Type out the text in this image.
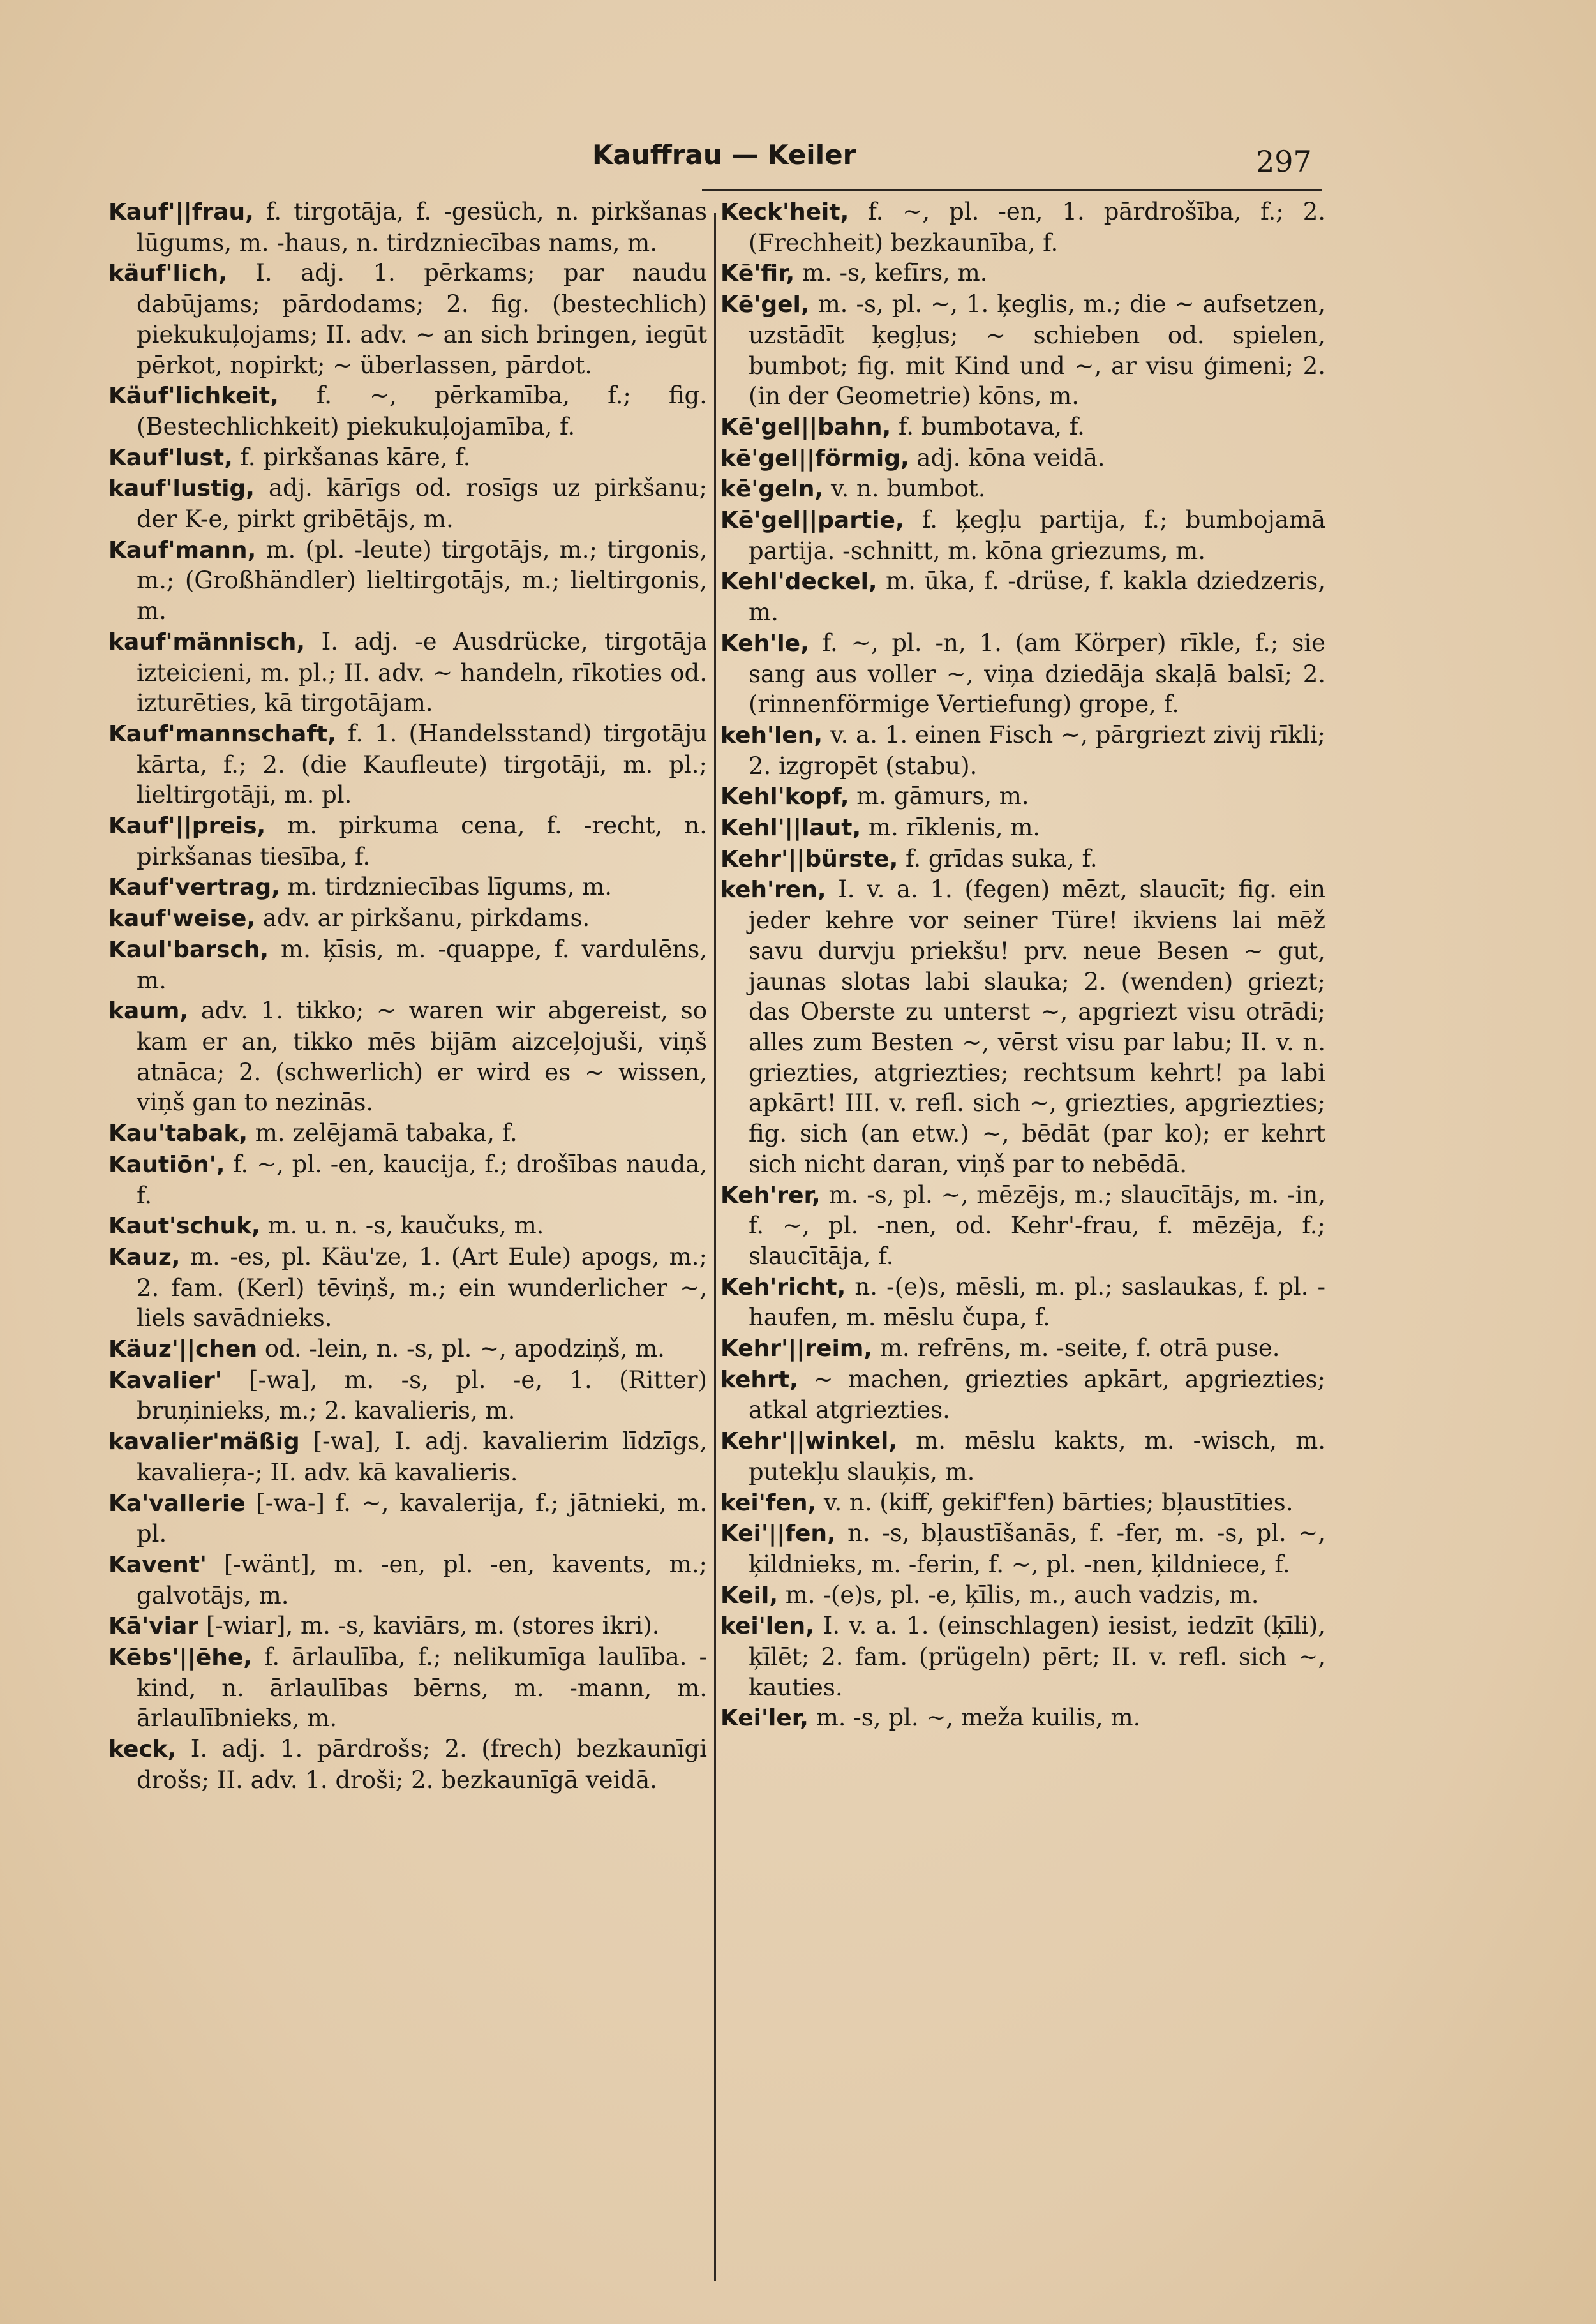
Kauffrau — Keiler	297

Kauf'||frau, f. tirgotāja, f. -gesüch, n. pirkšanas lūgums, m. -haus, n. tirdzniecības nams, m.

käuf'lich, I. adj. 1. pērkams; par naudu dabūjams; pārdodams; 2. fig. (bestechlich) piekukuļojams; II. adv. ~ an sich bringen, iegūt pērkot, nopirkt; ~ überlassen, pārdot.

Käuf'lichkeit, f. ~, pērkamība, f.; fig. (Bestechlichkeit) piekukuļojamība, f.

Kauf'lust, f. pirkšanas kāre, f.

kauf'lustig, adj. kārīgs od. rosīgs uz pirkšanu; der K-e, pirkt gribētājs, m.

Kauf'mann, m. (pl. -leute) tirgotājs, m.; tirgonis, m.; (Großhändler) lieltirgotājs, m.; lieltirgonis, m.

kauf'männisch, I. adj. -e Ausdrücke, tirgotāja izteicieni, m. pl.; II. adv. ~ handeln, rīkoties od. izturēties, kā tirgotājam.

Kauf'mannschaft, f. 1. (Handelsstand) tirgotāju kārta, f.; 2. (die Kaufleute) tirgotāji, m. pl.; lieltirgotāji, m. pl.

Kauf'||preis, m. pirkuma cena, f. -recht, n. pirkšanas tiesība, f.

Kauf'vertrag, m. tirdzniecības līgums, m.

kauf'weise, adv. ar pirkšanu, pirkdams.

Kaul'barsch, m. ķīsis, m. -quappe, f. vardulēns, m.

kaum, adv. 1. tikko; ~ waren wir abgereist, so kam er an, tikko mēs bijām aizceļojuši, viņš atnāca; 2. (schwerlich) er wird es ~ wissen, viņš gan to nezinās.

Kau'tabak, m. zelējamā tabaka, f.

Kautiōn', f. ~, pl. -en, kaucija, f.; drošības nauda, f.

Kaut'schuk, m. u. n. -s, kaučuks, m.

Kauz, m. -es, pl. Käu'ze, 1. (Art Eule) apogs, m.; 2. fam. (Kerl) tēviņš, m.; ein wunderlicher ~, liels savādnieks.

Käuz'||chen od. -lein, n. -s, pl. ~, apodziņš, m.

Kavalier' [-wa], m. -s, pl. -e, 1. (Ritter) bruņinieks, m.; 2. kavalieris, m.

kavalier'mäßig [-wa], I. adj. kavalierim līdzīgs, kavalieŗa-; II. adv. kā kavalieris.

Ka'vallerie [-wa-] f. ~, kavalerija, f.; jātnieki, m. pl.

Kavent' [-wänt], m. -en, pl. -en, kavents, m.; galvotājs, m.

Kā'viar [-wiar], m. -s, kaviārs, m. (stores ikri).

Kēbs'||ēhe, f. ārlaulība, f.; nelikumīga laulība. -kind, n. ārlaulības bērns, m. -mann, m. ārlaulībnieks, m.

keck, I. adj. 1. pārdrošs; 2. (frech) bezkaunīgi drošs; II. adv. 1. droši; 2. bezkaunīgā veidā.

Keck'heit, f. ~, pl. -en, 1. pārdrošība, f.; 2. (Frechheit) bezkaunība, f.

Kē'fir, m. -s, kefīrs, m.

Kē'gel, m. -s, pl. ~, 1. ķeglis, m.; die ~ aufsetzen, uzstādīt ķegļus; ~ schieben od. spielen, bumbot; fig. mit Kind und ~, ar visu ģimeni; 2. (in der Geometrie) kōns, m.

Kē'gel||bahn, f. bumbotava, f.

kē'gel||förmig, adj. kōna veidā.

kē'geln, v. n. bumbot.

Kē'gel||partie, f. ķegļu partija, f.; bumbojamā partija. -schnitt, m. kōna griezums, m.

Kehl'deckel, m. ūka, f. -drüse, f. kakla dziedzeris, m.

Keh'le, f. ~, pl. -n, 1. (am Körper) rīkle, f.; sie sang aus voller ~, viņa dziedāja skaļā balsī; 2. (rinnenförmige Vertiefung) grope, f.

keh'len, v. a. 1. einen Fisch ~, pārgriezt zivij rīkli; 2. izgropēt (stabu).

Kehl'kopf, m. gāmurs, m.

Kehl'||laut, m. rīklenis, m.

Kehr'||bürste, f. grīdas suka, f.

keh'ren, I. v. a. 1. (fegen) mēzt, slaucīt; fig. ein jeder kehre vor seiner Türe! ikviens lai mēž savu durvju priekšu! prv. neue Besen ~ gut, jaunas slotas labi slauka; 2. (wenden) griezt; das Oberste zu unterst ~, apgriezt visu otrādi; alles zum Besten ~, vērst visu par labu; II. v. n. griezties, atgriezties; rechtsum kehrt! pa labi apkārt! III. v. refl. sich ~, griezties, apgriezties; fig. sich (an etw.) ~, bēdāt (par ko); er kehrt sich nicht daran, viņš par to nebēdā.

Keh'rer, m. -s, pl. ~, mēzējs, m.; slaucītājs, m. -in, f. ~, pl. -nen, od. Kehr'-frau, f. mēzēja, f.; slaucītāja, f.

Keh'richt, n. -(e)s, mēsli, m. pl.; saslaukas, f. pl. -haufen, m. mēslu čupa, f.

Kehr'||reim, m. refrēns, m. -seite, f. otrā puse.

kehrt, ~ machen, griezties apkārt, apgriezties; atkal atgriezties.

Kehr'||winkel, m. mēslu kakts, m. -wisch, m. putekļu slauķis, m.

kei'fen, v. n. (kiff, gekif'fen) bārties; bļaustīties.

Kei'||fen, n. -s, bļaustīšanās, f. -fer, m. -s, pl. ~, ķildnieks, m. -ferin, f. ~, pl. -nen, ķildniece, f.

Keil, m. -(e)s, pl. -e, ķīlis, m., auch vadzis, m.

kei'len, I. v. a. 1. (einschlagen) iesist, iedzīt (ķīli), ķīlēt; 2. fam. (prügeln) pērt; II. v. refl. sich ~, kauties.

Kei'ler, m. -s, pl. ~, meža kuilis, m.
